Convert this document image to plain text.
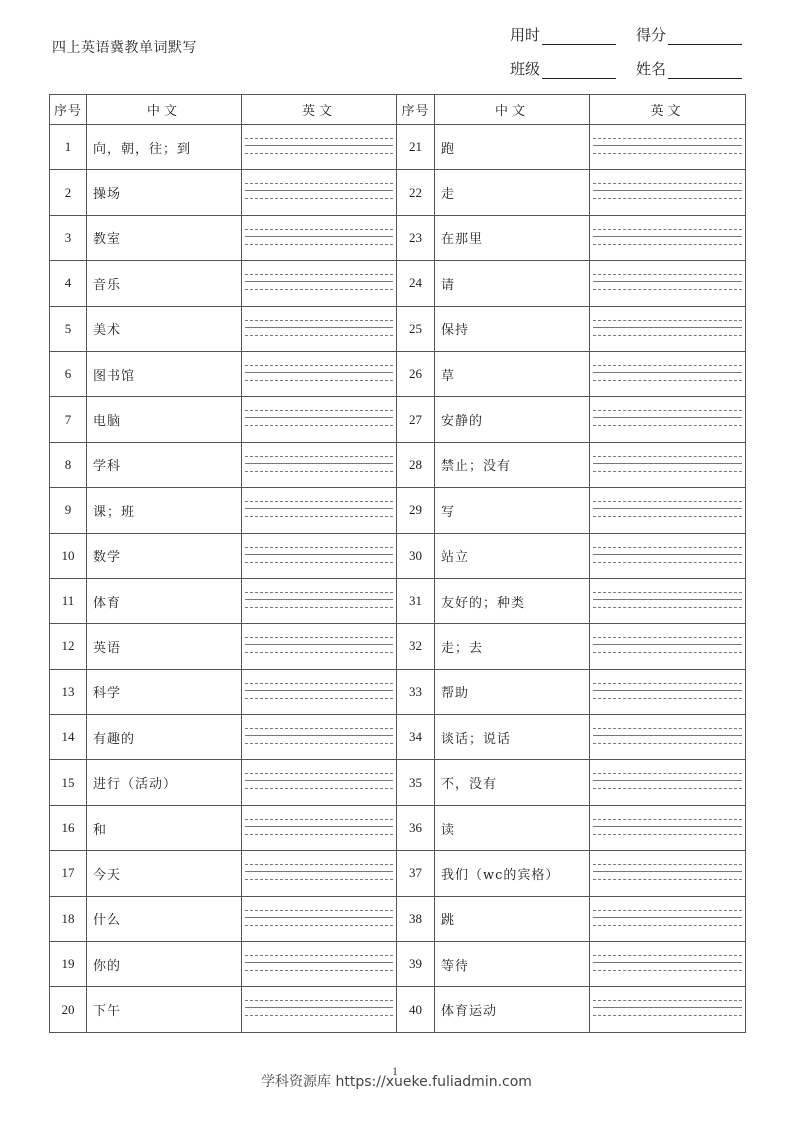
四上英语冀教单词默写
用时	得分
班级	姓名
序号	中文	英文	序号	中文	英文
1	向，朝，往；到		21	跑	

2	操场		22	走	

3	教室		23	在那里	

4	音乐		24	请	

5	美术		25	保持	

6	图书馆		26	草	

7	电脑		27	安静的	

8	学科		28	禁止；没有	

9	课；班		29	写	

10	数学		30	站立	

11	体育		31	友好的；种类	

12	英语		32	走；去	

13	科学		33	帮助	

14	有趣的		34	谈话；说话	

15	进行（活动）		35	不，没有	

16	和		36	读	

17	今天		37	我们（wc的宾格）	

18	什么		38	跳	

19	你的		39	等待	

20	下午		40	体育运动	
学科资源库 https://xueke.fuliadmin.com
1
